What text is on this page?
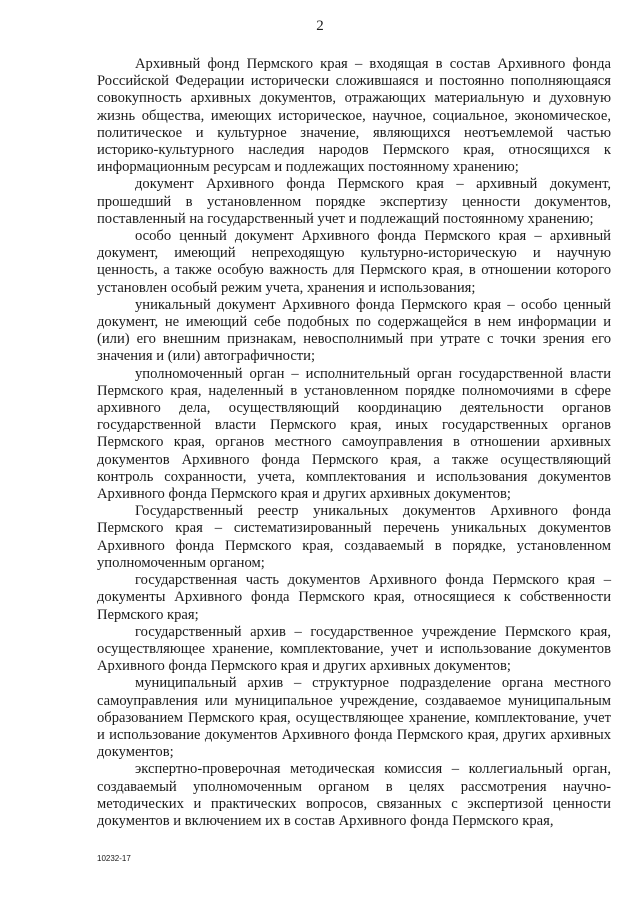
2

Архивный фонд Пермского края – входящая в состав Архивного фонда Российской Федерации исторически сложившаяся и постоянно пополняющаяся совокупность архивных документов, отражающих материальную и духовную жизнь общества, имеющих историческое, научное, социальное, экономическое, политическое и культурное значение, являющихся неотъемлемой частью историко-культурного наследия народов Пермского края, относящихся к информационным ресурсам и подлежащих постоянному хранению;

документ Архивного фонда Пермского края – архивный документ, прошедший в установленном порядке экспертизу ценности документов, поставленный на государственный учет и подлежащий постоянному хранению;

особо ценный документ Архивного фонда Пермского края – архивный документ, имеющий непреходящую культурно-историческую и научную ценность, а также особую важность для Пермского края, в отношении которого установлен особый режим учета, хранения и использования;

уникальный документ Архивного фонда Пермского края – особо ценный документ, не имеющий себе подобных по содержащейся в нем информации и (или) его внешним признакам, невосполнимый при утрате с точки зрения его значения и (или) автографичности;

уполномоченный орган – исполнительный орган государственной власти Пермского края, наделенный в установленном порядке полномочиями в сфере архивного дела, осуществляющий координацию деятельности органов государственной власти Пермского края, иных государственных органов Пермского края, органов местного самоуправления в отношении архивных документов Архивного фонда Пермского края, а также осуществляющий контроль сохранности, учета, комплектования и использования документов Архивного фонда Пермского края и других архивных документов;

Государственный реестр уникальных документов Архивного фонда Пермского края – систематизированный перечень уникальных документов Архивного фонда Пермского края, создаваемый в порядке, установленном уполномоченным органом;

государственная часть документов Архивного фонда Пермского края – документы Архивного фонда Пермского края, относящиеся к собственности Пермского края;

государственный архив – государственное учреждение Пермского края, осуществляющее хранение, комплектование, учет и использование документов Архивного фонда Пермского края и других архивных документов;

муниципальный архив – структурное подразделение органа местного самоуправления или муниципальное учреждение, создаваемое муниципальным образованием Пермского края, осуществляющее хранение, комплектование, учет и использование документов Архивного фонда Пермского края, других архивных документов;

экспертно-проверочная методическая комиссия – коллегиальный орган, создаваемый уполномоченным органом в целях рассмотрения научно-методических и практических вопросов, связанных с экспертизой ценности документов и включением их в состав Архивного фонда Пермского края,

10232-17
